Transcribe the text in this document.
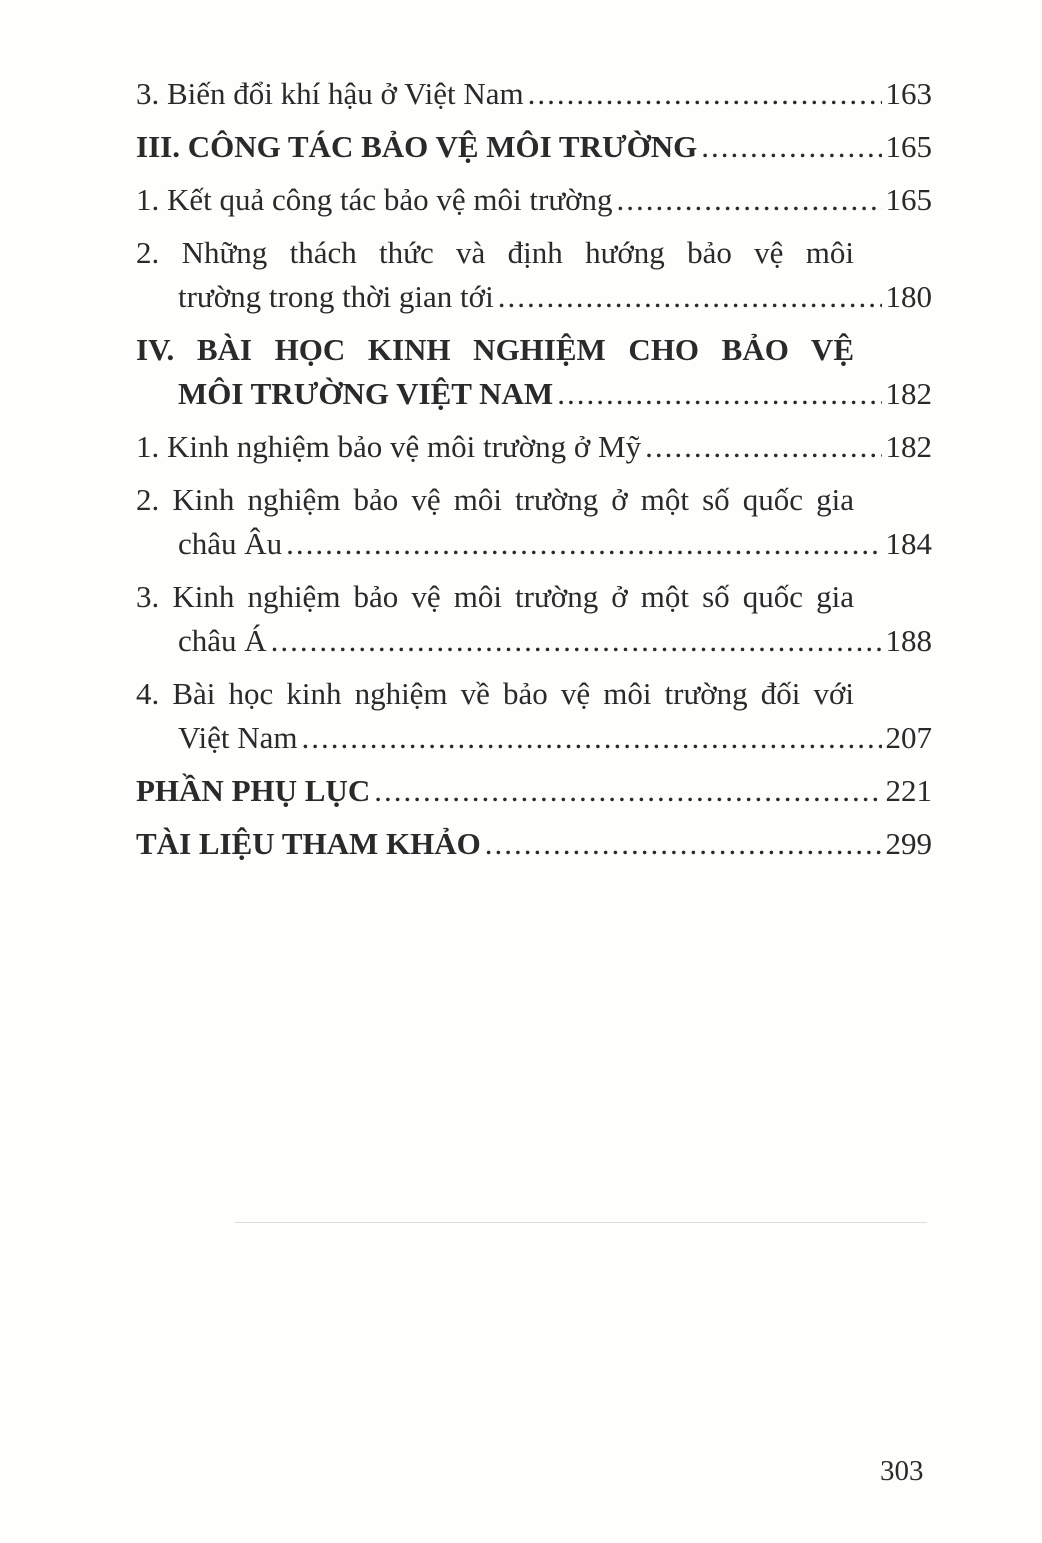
3. Biến đổi khí hậu ở Việt Nam .....	163
III. CÔNG TÁC BẢO VỆ MÔI TRƯỜNG .....	165
1. Kết quả công tác bảo vệ môi trường .....	165
2. Những thách thức và định hướng bảo vệ môi
trường trong thời gian tới .....	180
IV. BÀI HỌC KINH NGHIỆM CHO BẢO VỆ
MÔI TRƯỜNG VIỆT NAM .....	182
1. Kinh nghiệm bảo vệ môi trường ở Mỹ .....	182
2. Kinh nghiệm bảo vệ môi trường ở một số quốc gia
châu Âu .....	184
3. Kinh nghiệm bảo vệ môi trường ở một số quốc gia
châu Á .....	188
4. Bài học kinh nghiệm về bảo vệ môi trường đối với
Việt Nam .....	207
PHẦN PHỤ LỤC .....	221
TÀI LIỆU THAM KHẢO .....	299
303
